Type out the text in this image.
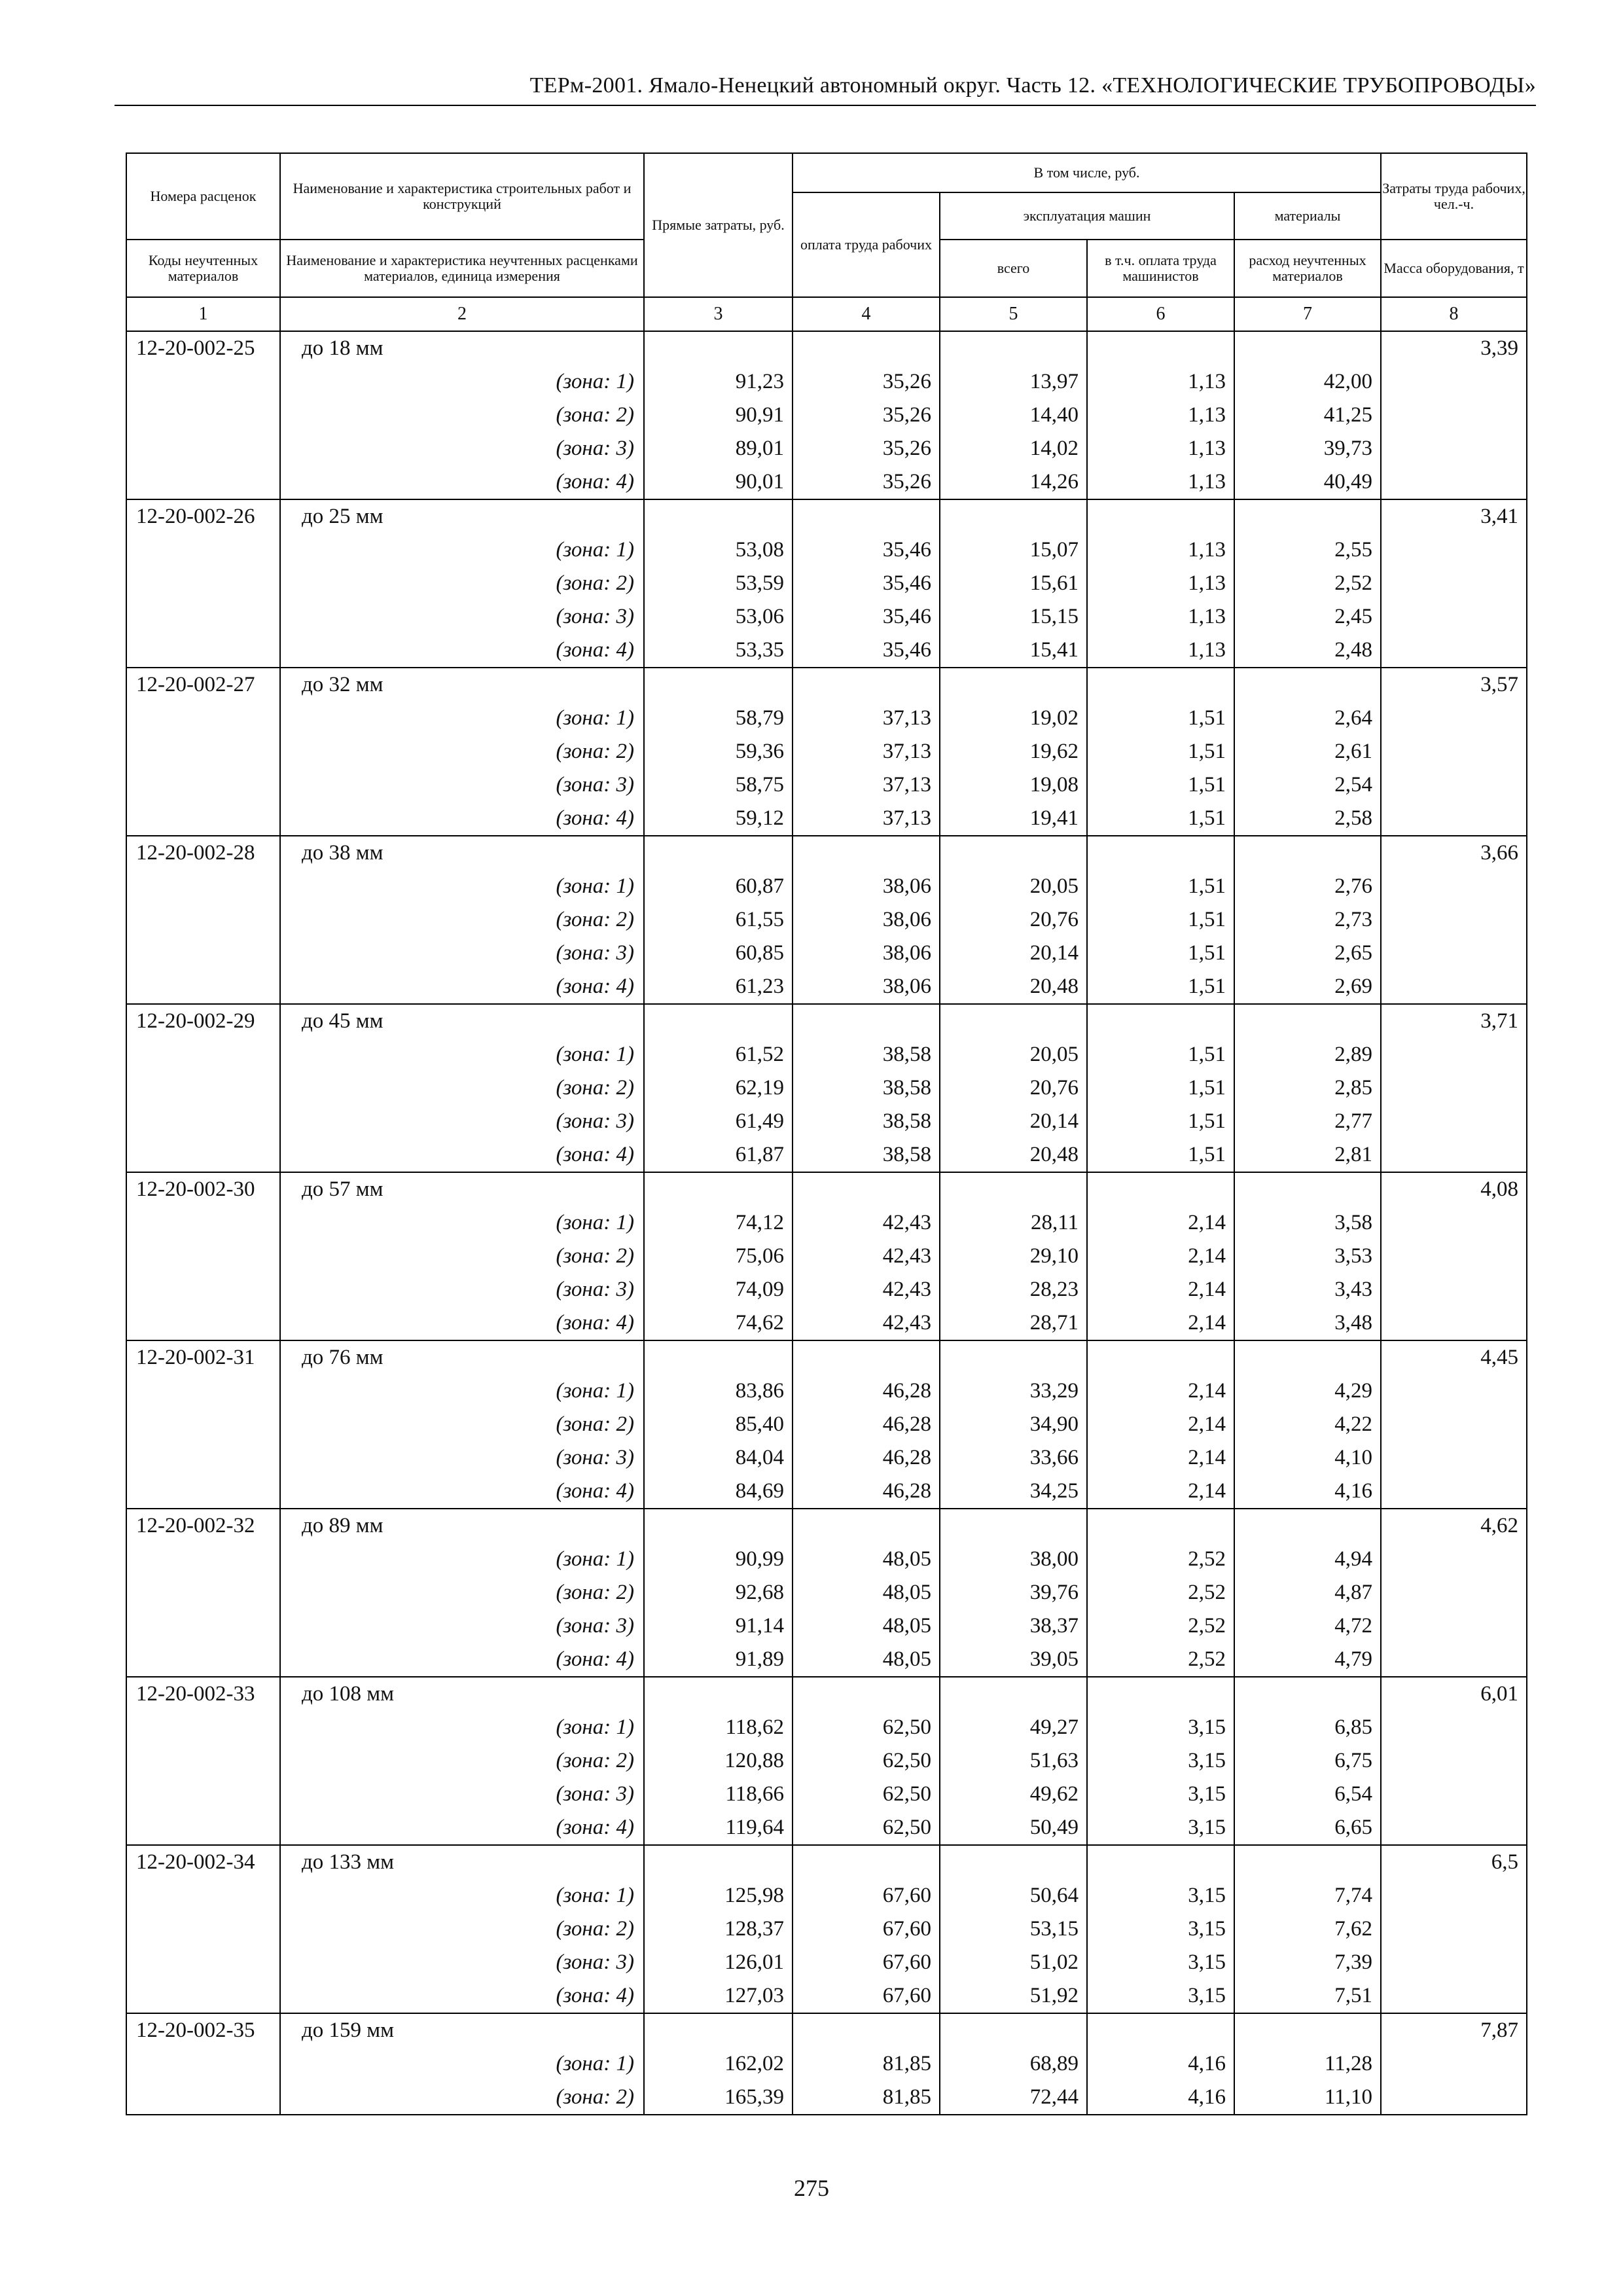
ТЕРм-2001. Ямало-Ненецкий автономный округ. Часть 12. «ТЕХНОЛОГИЧЕСКИЕ ТРУБОПРОВОДЫ»
Номера расценок	Наименование и характеристика строительных работ и конструкций	Прямые затраты, руб.	В том числе, руб.				Затраты труда рабочих, чел.-ч.
			оплата труда рабочих	эксплуатация машин		материалы	
Коды неучтенных материалов	Наименование и характеристика неучтенных расценками материалов, единица измерения			всего	в т.ч. оплата труда машинистов	расход неучтенных материалов	Масса оборудования, т
1	2	3	4	5	6	7	8
12-20-002-25	до 18 мм						3,39
	(зона: 1)	91,23	35,26	13,97	1,13	42,00	
	(зона: 2)	90,91	35,26	14,40	1,13	41,25	
	(зона: 3)	89,01	35,26	14,02	1,13	39,73	
	(зона: 4)	90,01	35,26	14,26	1,13	40,49	
12-20-002-26	до 25 мм						3,41
	(зона: 1)	53,08	35,46	15,07	1,13	2,55	
	(зона: 2)	53,59	35,46	15,61	1,13	2,52	
	(зона: 3)	53,06	35,46	15,15	1,13	2,45	
	(зона: 4)	53,35	35,46	15,41	1,13	2,48	
12-20-002-27	до 32 мм						3,57
	(зона: 1)	58,79	37,13	19,02	1,51	2,64	
	(зона: 2)	59,36	37,13	19,62	1,51	2,61	
	(зона: 3)	58,75	37,13	19,08	1,51	2,54	
	(зона: 4)	59,12	37,13	19,41	1,51	2,58	
12-20-002-28	до 38 мм						3,66
	(зона: 1)	60,87	38,06	20,05	1,51	2,76	
	(зона: 2)	61,55	38,06	20,76	1,51	2,73	
	(зона: 3)	60,85	38,06	20,14	1,51	2,65	
	(зона: 4)	61,23	38,06	20,48	1,51	2,69	
12-20-002-29	до 45 мм						3,71
	(зона: 1)	61,52	38,58	20,05	1,51	2,89	
	(зона: 2)	62,19	38,58	20,76	1,51	2,85	
	(зона: 3)	61,49	38,58	20,14	1,51	2,77	
	(зона: 4)	61,87	38,58	20,48	1,51	2,81	
12-20-002-30	до 57 мм						4,08
	(зона: 1)	74,12	42,43	28,11	2,14	3,58	
	(зона: 2)	75,06	42,43	29,10	2,14	3,53	
	(зона: 3)	74,09	42,43	28,23	2,14	3,43	
	(зона: 4)	74,62	42,43	28,71	2,14	3,48	
12-20-002-31	до 76 мм						4,45
	(зона: 1)	83,86	46,28	33,29	2,14	4,29	
	(зона: 2)	85,40	46,28	34,90	2,14	4,22	
	(зона: 3)	84,04	46,28	33,66	2,14	4,10	
	(зона: 4)	84,69	46,28	34,25	2,14	4,16	
12-20-002-32	до 89 мм						4,62
	(зона: 1)	90,99	48,05	38,00	2,52	4,94	
	(зона: 2)	92,68	48,05	39,76	2,52	4,87	
	(зона: 3)	91,14	48,05	38,37	2,52	4,72	
	(зона: 4)	91,89	48,05	39,05	2,52	4,79	
12-20-002-33	до 108 мм						6,01
	(зона: 1)	118,62	62,50	49,27	3,15	6,85	
	(зона: 2)	120,88	62,50	51,63	3,15	6,75	
	(зона: 3)	118,66	62,50	49,62	3,15	6,54	
	(зона: 4)	119,64	62,50	50,49	3,15	6,65	
12-20-002-34	до 133 мм						6,5
	(зона: 1)	125,98	67,60	50,64	3,15	7,74	
	(зона: 2)	128,37	67,60	53,15	3,15	7,62	
	(зона: 3)	126,01	67,60	51,02	3,15	7,39	
	(зона: 4)	127,03	67,60	51,92	3,15	7,51	
12-20-002-35	до 159 мм						7,87
	(зона: 1)	162,02	81,85	68,89	4,16	11,28	
	(зона: 2)	165,39	81,85	72,44	4,16	11,10	
275
